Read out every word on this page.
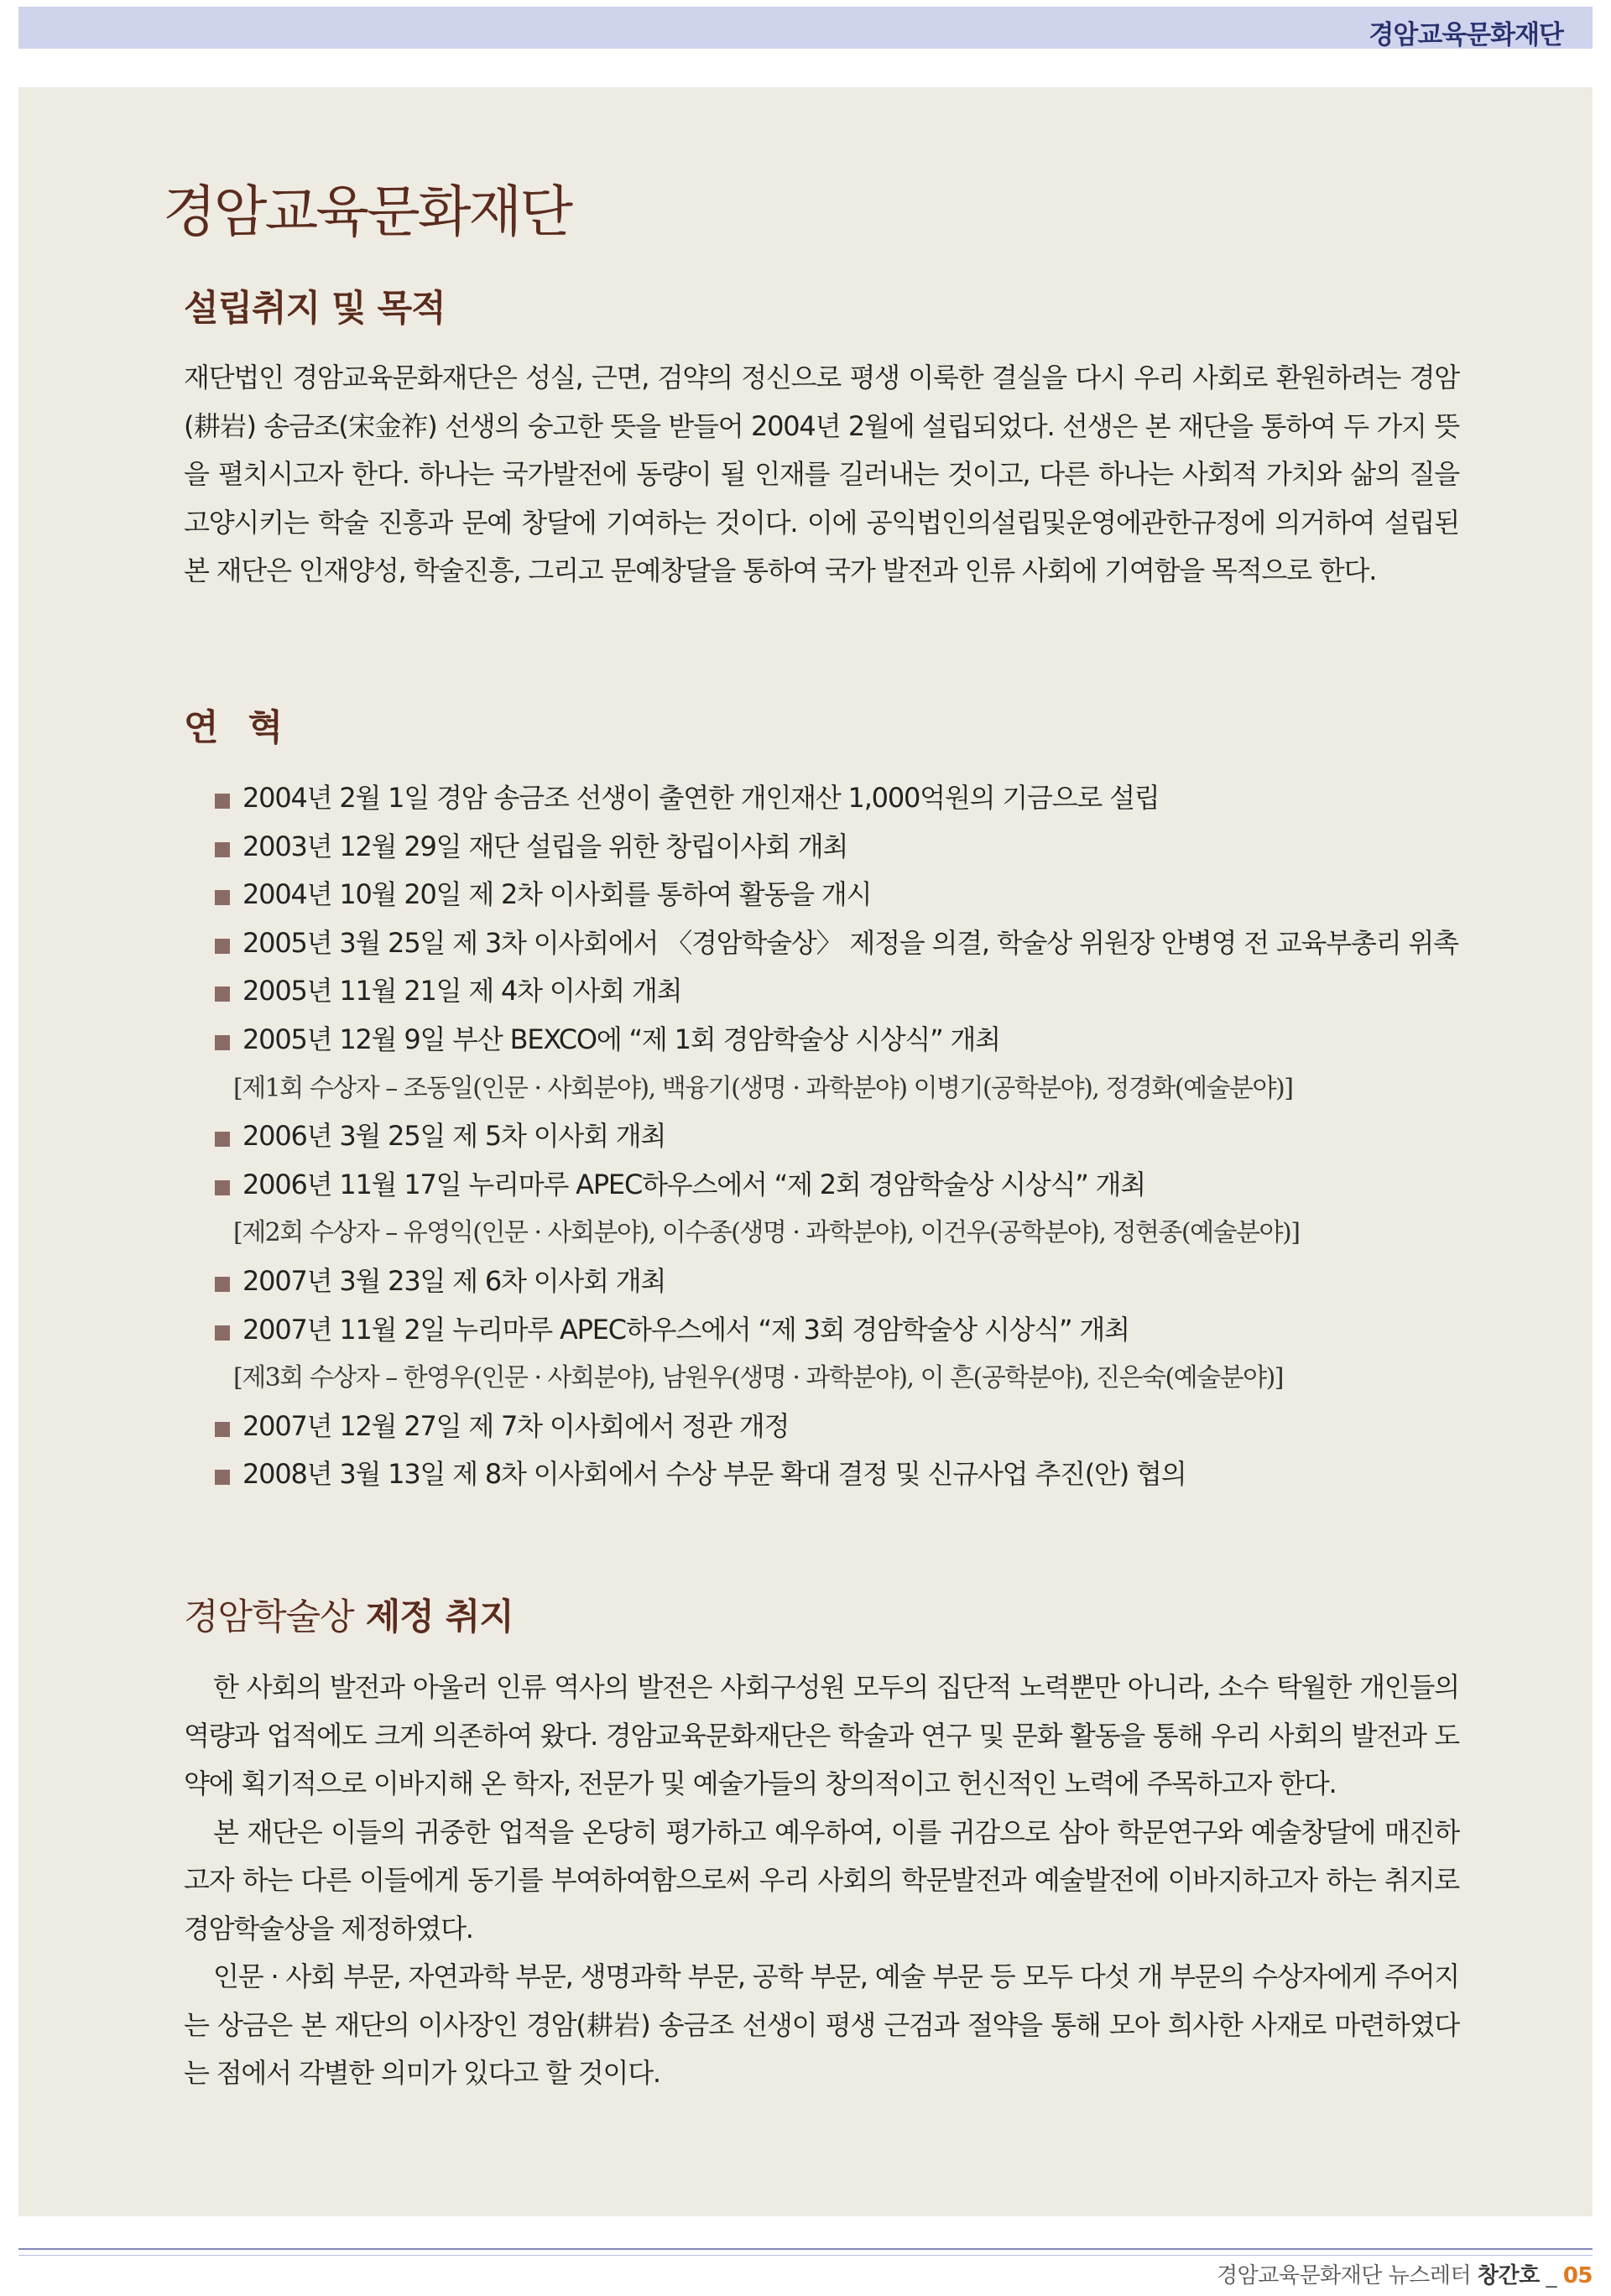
경암교육문화재단
경암교육문화재단
설립취지 및 목적

재단법인 경암교육문화재단은 성실, 근면, 검약의 정신으로 평생 이룩한 결실을 다시 우리 사회로 환원하려는 경암(耕岩) 송금조(宋金祚) 선생의 숭고한 뜻을 받들어 2004년 2월에 설립되었다. 선생은 본 재단을 통하여 두 가지 뜻을 펼치시고자 한다. 하나는 국가발전에 동량이 될 인재를 길러내는 것이고, 다른 하나는 사회적 가치와 삶의 질을 고양시키는 학술 진흥과 문예 창달에 기여하는 것이다. 이에 공익법인의설립및운영에관한규정에 의거하여 설립된 본 재단은 인재양성, 학술진흥, 그리고 문예창달을 통하여 국가 발전과 인류 사회에 기여함을 목적으로 한다.

연 혁
2004년 2월 1일 경암 송금조 선생이 출연한 개인재산 1,000억원의 기금으로 설립
2003년 12월 29일 재단 설립을 위한 창립이사회 개최
2004년 10월 20일 제 2차 이사회를 통하여 활동을 개시
2005년 3월 25일 제 3차 이사회에서 〈경암학술상〉 제정을 의결, 학술상 위원장 안병영 전 교육부총리 위촉
2005년 11월 21일 제 4차 이사회 개최
2005년 12월 9일 부산 BEXCO에 “제 1회 경암학술상 시상식” 개최
[제1회 수상자 – 조동일(인문 · 사회분야), 백융기(생명 · 과학분야) 이병기(공학분야), 정경화(예술분야)]
2006년 3월 25일 제 5차 이사회 개최
2006년 11월 17일 누리마루 APEC하우스에서 “제 2회 경암학술상 시상식” 개최
[제2회 수상자 – 유영익(인문 · 사회분야), 이수종(생명 · 과학분야), 이건우(공학분야), 정현종(예술분야)]
2007년 3월 23일 제 6차 이사회 개최
2007년 11월 2일 누리마루 APEC하우스에서 “제 3회 경암학술상 시상식” 개최
[제3회 수상자 – 한영우(인문 · 사회분야), 남원우(생명 · 과학분야), 이 흔(공학분야), 진은숙(예술분야)]
2007년 12월 27일 제 7차 이사회에서 정관 개정
2008년 3월 13일 제 8차 이사회에서 수상 부문 확대 결정 및 신규사업 추진(안) 협의
경암학술상 제정 취지

한 사회의 발전과 아울러 인류 역사의 발전은 사회구성원 모두의 집단적 노력뿐만 아니라, 소수 탁월한 개인들의 역량과 업적에도 크게 의존하여 왔다. 경암교육문화재단은 학술과 연구 및 문화 활동을 통해 우리 사회의 발전과 도약에 획기적으로 이바지해 온 학자, 전문가 및 예술가들의 창의적이고 헌신적인 노력에 주목하고자 한다.

본 재단은 이들의 귀중한 업적을 온당히 평가하고 예우하여, 이를 귀감으로 삼아 학문연구와 예술창달에 매진하고자 하는 다른 이들에게 동기를 부여하여함으로써 우리 사회의 학문발전과 예술발전에 이바지하고자 하는 취지로 경암학술상을 제정하였다.

인문 · 사회 부문, 자연과학 부문, 생명과학 부문, 공학 부문, 예술 부문 등 모두 다섯 개 부문의 수상자에게 주어지는 상금은 본 재단의 이사장인 경암(耕岩) 송금조 선생이 평생 근검과 절약을 통해 모아 희사한 사재로 마련하였다는 점에서 각별한 의미가 있다고 할 것이다.

경암교육문화재단 뉴스레터 창간호 _ 05
